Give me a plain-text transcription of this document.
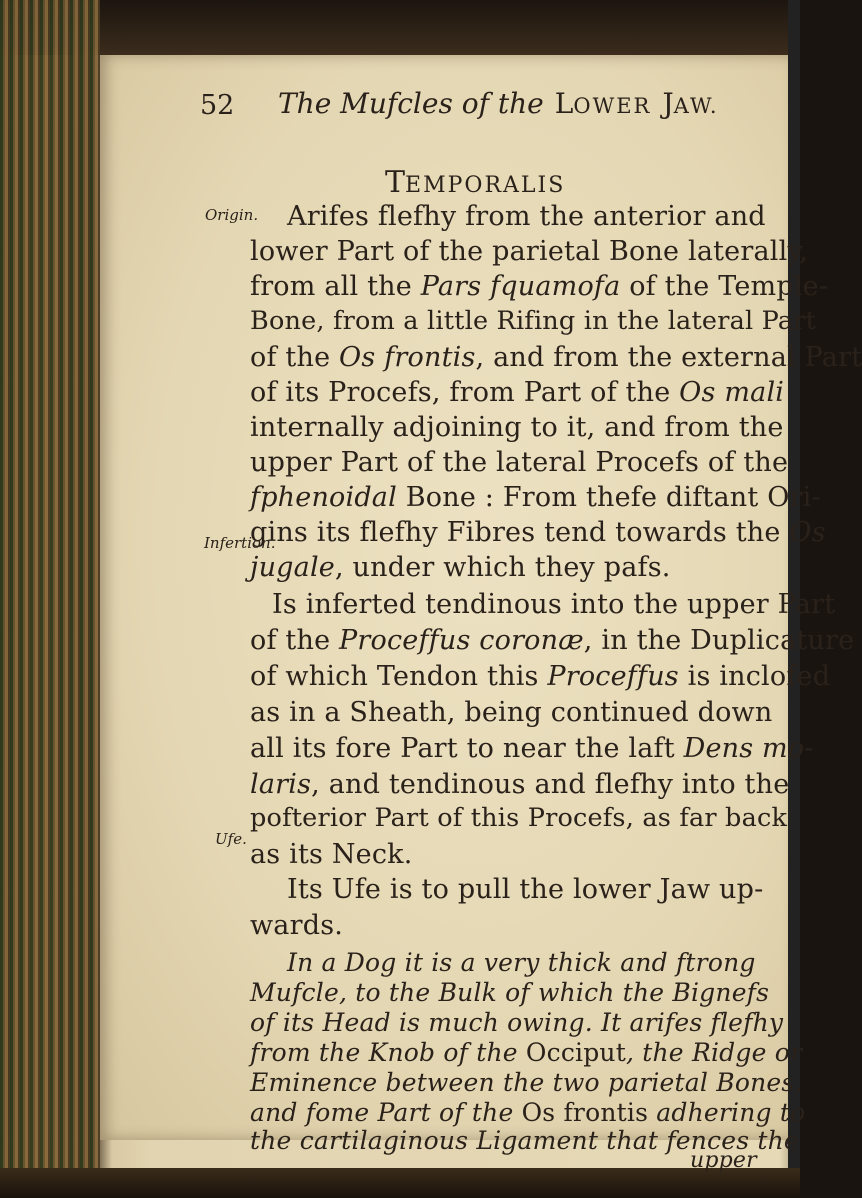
52 The Mufcles of the LOWER JAW.
TEMPORALIS
Origin.
Infertion.
Ufe.
Arifes flefhy from the anterior and
lower Part of the parietal Bone laterally,
from all the Pars fquamofa of the Temple-
Bone, from a little Rifing in the lateral Part
of the Os frontis, and from the external Part
of its Procefs, from Part of the Os mali
internally adjoining to it, and from the
upper Part of the lateral Procefs of the
fphenoidal Bone : From thefe diftant Ori-
gins its flefhy Fibres tend towards the Os
jugale, under which they pafs.
Is inferted tendinous into the upper Part
of the Proceffus coronæ, in the Duplicature
of which Tendon this Proceffus is inclofed
as in a Sheath, being continued down
all its fore Part to near the laft Dens mo-
laris, and tendinous and flefhy into the
pofterior Part of this Procefs, as far back
as its Neck.
Its Ufe is to pull the lower Jaw up-
wards.
In a Dog it is a very thick and ftrong
Mufcle, to the Bulk of which the Bignefs
of its Head is much owing. It arifes flefhy
from the Knob of the Occiput, the Ridge or
Eminence between the two parietal Bones,
and fome Part of the Os frontis adhering to
the cartilaginous Ligament that fences the
upper
